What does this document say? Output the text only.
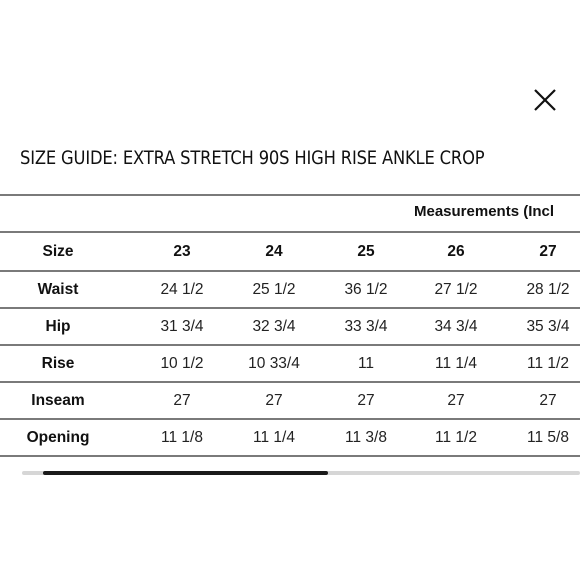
SIZE GUIDE: EXTRA STRETCH 90S HIGH RISE ANKLE CROP
Measurements (Incl
Size	23	24	25	26	27
Waist	24 1/2	25 1/2	36 1/2	27 1/2	28 1/2
Hip	31 3/4	32 3/4	33 3/4	34 3/4	35 3/4
Rise	10 1/2	10 33/4	11	11 1/4	11 1/2
Inseam	27	27	27	27	27
Opening	11 1/8	11 1/4	11 3/8	11 1/2	11 5/8
